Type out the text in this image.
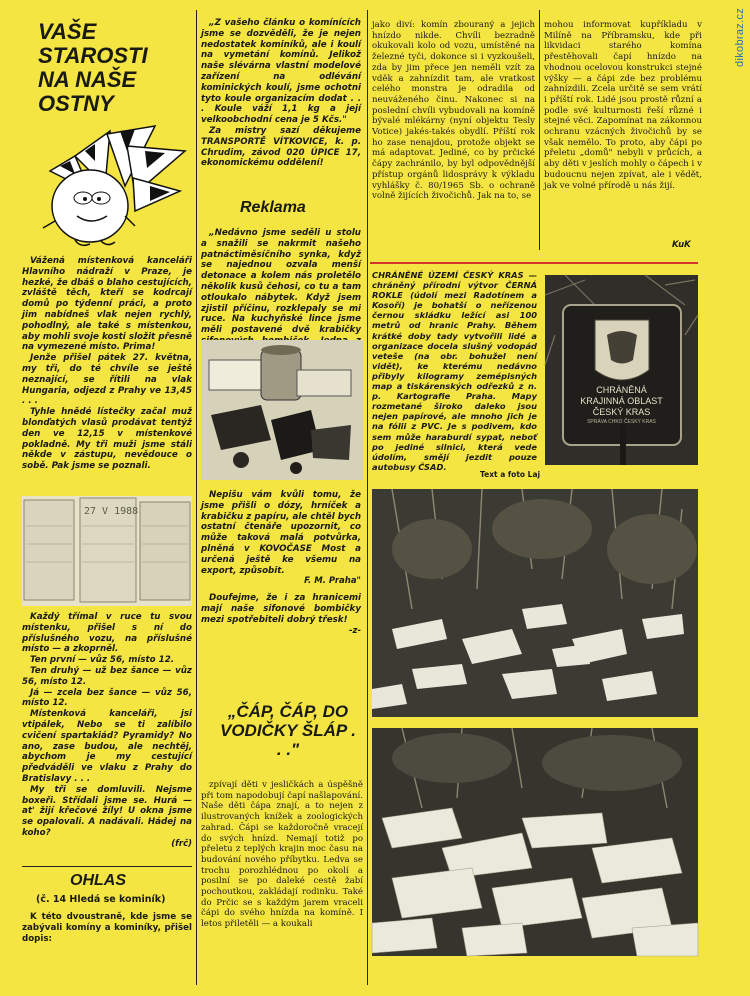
dikobraz.cz
VAŠE STAROSTI NA NAŠE OSTNY

Vážená místenková kanceláři Hlavního nádraží v Praze, je hezké, že dbáš o blaho cestujících, zvláště těch, kteří se kodrcají domů po týdenní práci, a proto jim nabídneš vlak nejen rychlý, pohodlný, ale také s místenkou, aby mohli svoje kosti složit přesně na vymezené místo. Prima!

Jenže přišel pátek 27. května, my tři, do té chvíle se ještě neznající, se řítili na vlak Hungaria, odjezd z Prahy ve 13,45 . . .

Tyhle hnědé lístečky začal muž blonďatých vlasů prodávat tentýž den ve 12,15 v místenkové pokladně. My tři muži jsme stáli někde v zástupu, nevědouce o sobě. Pak jsme se poznali.

27 V 1988

Každý třímal v ruce tu svou místenku, přišel s ní do příslušného vozu, na příslušné místo — a zkoprněl.

Ten první — vůz 56, místo 12.

Ten druhý — už bez šance — vůz 56, místo 12.

Já — zcela bez šance — vůz 56, místo 12.

Místenková kanceláři, jsi vtipálek, Nebo se ti zalíbilo cvičení spartakiád? Pyramidy? No ano, zase budou, ale nechtěj, abychom je my cestující předváděli ve vlaku z Prahy do Bratislavy . . .

My tři se domluvili. Nejsme boxeři. Střídali jsme se. Hurá — at' žijí křečové žíly! U okna jsme se opalovali. A nadávali. Hádej na koho?

(frč)
OHLAS
(č. 14 Hledá se kominík)

K této dvoustraně, kde jsme se zabývali komíny a kominíky, přišel dopis:

„Z vašeho článku o komínících jsme se dozvěděli, že je nejen nedostatek kominíků, ale i koulí na vymetání komínů. Jelikož naše slévárna vlastní modelové zařízení na odlévání kominických koulí, jsme ochotni tyto koule organizacím dodat . . . Koule váží 1,1 kg a její velkoobchodní cena je 5 Kčs."

Za mistry sazí děkujeme TRANSPORTĚ VÍTKOVICE, k. p. Chrudim, závod 020 ÚPICE 17, ekonomickému oddělení!

Reklama

„Nedávno jsme seděli u stolu a snažili se nakrmit našeho patnáctiměsíčního synka, když se najednou ozvala menší detonace a kolem nás proletělo několik kusů čehosi, co tu a tam otloukalo nábytek. Když jsem zjistil příčinu, rozklepaly se mi ruce. Na kuchyňské lince jsme měli postavené dvě krabičky

Nepišu vám kvůli tomu, že jsme přišli o dózy, hrníček a krabičku z papíru, ale chtěl bych ostatní čtenáře upozornit, co může taková malá potvůrka, plněná v KOVOČASE Most a určená ještě ke všemu na export, způsobit.

F. M. Praha"

Doufejme, že i za hranicemi mají naše sifonové bombičky mezi spotřebiteli dobrý třesk!

-z-
„ČÁP, ČÁP, DO VODIČKY ŠLÁP . . ."

zpívají děti v jesličkách a úspěšně při tom napodobují čapí našlapování. Naše děti čápa znají, a to nejen z ilustrovaných knížek a zoologických zahrad. Čápi se každoročně vracejí do svých hnízd. Nemají totiž po přeletu z teplých krajin moc času na budování nového příbytku. Ledva se trochu porozhlédnou po okolí a posilní se po daleké cestě žabí pochoutkou, zakládají rodinku. Také do Prčic se s každým jarem vraceli čápi do svého hnízda na komíně. I letos přiletěli — a koukali

jako diví: komín zbouraný a jejich hnízdo nikde. Chvíli bezradně okukovali kolo od vozu, umístěné na železné tyči, dokonce si i vyzkoušeli, zda by jim přece jen neměli vzít za vděk a zahnízdit tam, ale vratkost celého monstra je odradila od neuváženého činu. Nakonec si na poslední chvíli vybudovali na komíně bývalé mlékárny (nyní objektu Tesly Votice) jakés-takés obydlí. Příští rok ho zase nenajdou, protože objekt se má adaptovat. Jediné, co by prčické čápy zachránilo, by byl odpovědnější přístup orgánů lidosprávy k výkladu vyhlášky č. 80/1965 Sb. o ochraně volně žijících živočichů. Jak na to, se

CHRÁNĚNÉ ÚZEMÍ ČESKÝ KRAS — chráněný přírodní výtvor ČERNÁ ROKLE (údolí mezi Radotínem a Kosoří) je bohatší o neřízenou černou skládku ležící asi 100 metrů od hranic Prahy. Během krátké doby tady vytvořili lidé a organizace docela slušný vodopád veteše (na obr. bohužel není vidět), ke kterému nedávno přibyly kilogramy zemépisných map a tiskárenských odřezků z n. p. Kartografie Praha. Mapy rozmetané široko daleko jsou nejen papírové, ale mnoho jich je na fólii z PVC. Je s podivem, kdo sem může haraburdí sypat, neboť po jediné silnici, která vede údolím, smějí jezdit pouze autobusy ČSAD.

mohou informovat kupříkladu v Milíně na Příbramsku, kde při likvidaci starého komína přestěhovali čapí hnízdo na vhodnou ocelovou konstrukci stejné výšky — a čápi zde bez problému zahnízdili. Zcela určitě se sem vrátí i příští rok. Lidé jsou prostě různí a podle své kulturnosti řeší různé i stejné věci. Zapomínat na zákonnou ochranu vzácných živočichů by se však nemělo. To proto, aby čápi po přeletu „domů" nebyli v průcích, a aby děti v jeslích mohly o čápech i v budoucnu nejen zpívat, ale i vědět, jak ve volné přírodě u nás žijí.

KuK
CHRÁNĚNÁ
KRAJINNÁ OBLAST
ČESKÝ KRAS
SPRÁVA CHKO ČESKÝ KRAS
Text a foto Laj
